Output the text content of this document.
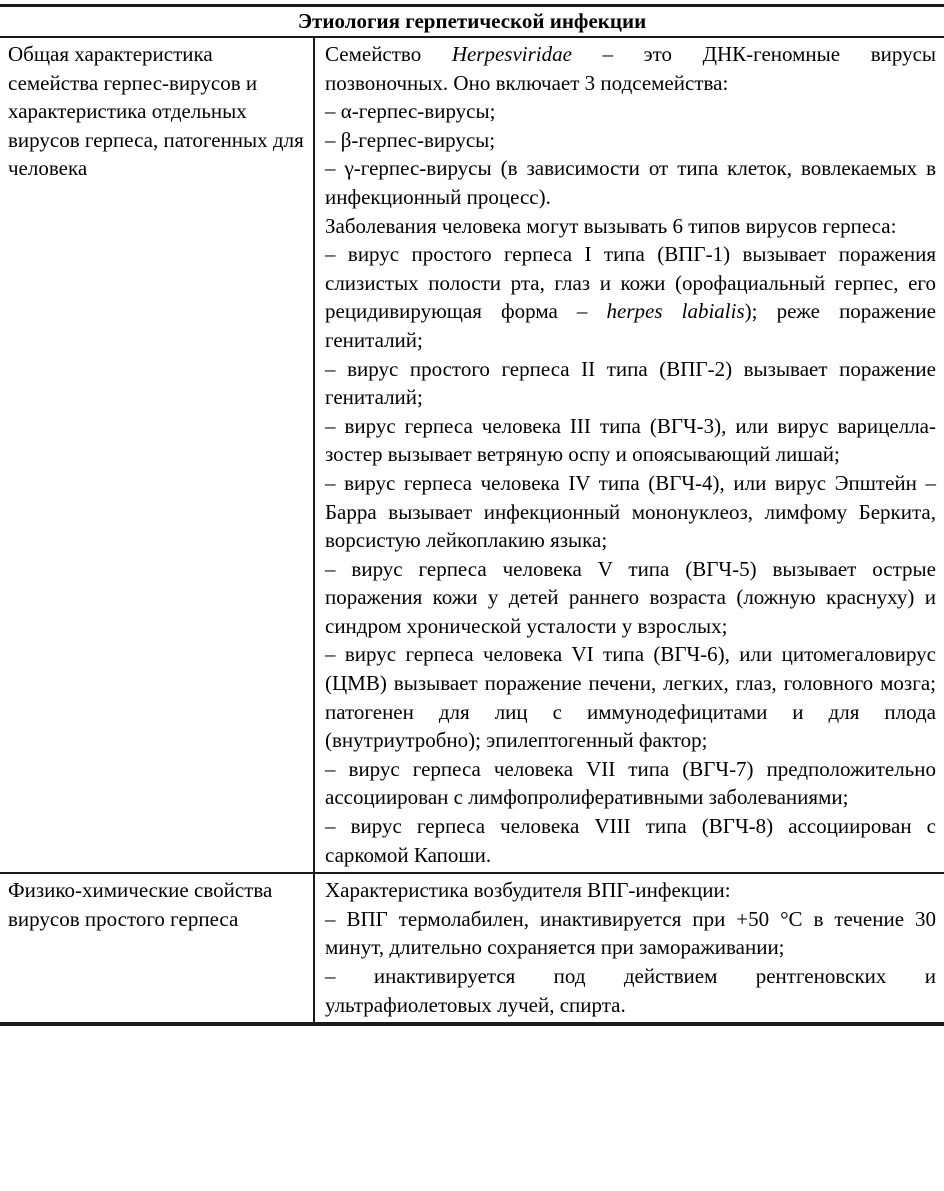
Этиология герпетической инфекции
Общая характеристика семейства герпес-вирусов и характеристика отдельных вирусов герпеса, патогенных для человека
Семейство Herpesviridae – это ДНК-геномные вирусы позвоночных. Оно включает 3 подсемейства:
– α-герпес-вирусы;
– β-герпес-вирусы;
– γ-герпес-вирусы (в зависимости от типа клеток, вовлекаемых в инфекционный процесс).
Заболевания человека могут вызывать 6 типов вирусов герпеса:
– вирус простого герпеса I типа (ВПГ-1) вызывает поражения слизистых полости рта, глаз и кожи (орофациальный герпес, его рецидивирующая форма – herpes labialis); реже поражение гениталий;
– вирус простого герпеса II типа (ВПГ-2) вызывает поражение гениталий;
– вирус герпеса человека III типа (ВГЧ-3), или вирус варицелла-зостер вызывает ветряную оспу и опоясывающий лишай;
– вирус герпеса человека IV типа (ВГЧ-4), или вирус Эпштейн – Барра вызывает инфекционный мононуклеоз, лимфому Беркита, ворсистую лейкоплакию языка;
– вирус герпеса человека V типа (ВГЧ-5) вызывает острые поражения кожи у детей раннего возраста (ложную краснуху) и синдром хронической усталости у взрослых;
– вирус герпеса человека VI типа (ВГЧ-6), или цитомегаловирус (ЦМВ) вызывает поражение печени, легких, глаз, головного мозга; патогенен для лиц с иммунодефицитами и для плода (внутриутробно); эпилептогенный фактор;
– вирус герпеса человека VII типа (ВГЧ-7) предположительно ассоциирован с лимфопролиферативными заболеваниями;
– вирус герпеса человека VIII типа (ВГЧ-8) ассоциирован с саркомой Капоши.
Физико-химические свойства вирусов простого герпеса
Характеристика возбудителя ВПГ-инфекции:
– ВПГ термолабилен, инактивируется при +50 °С в течение 30 минут, длительно сохраняется при замораживании;
– инактивируется под действием рентгеновских и ультрафиолетовых лучей, спирта.
